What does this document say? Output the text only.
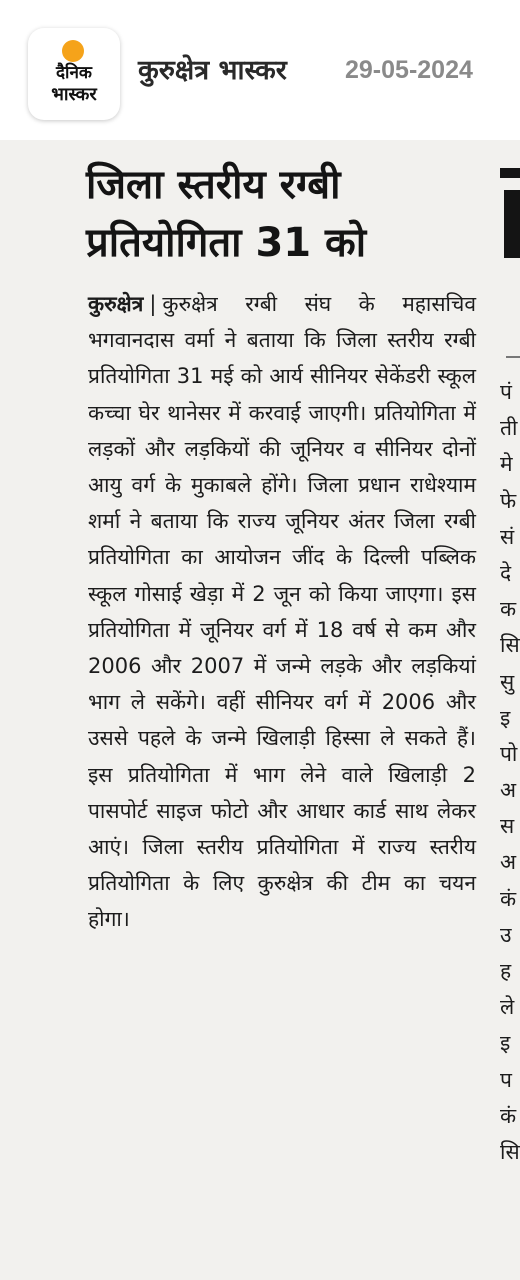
दैनिक
भास्कर
कुरुक्षेत्र भास्कर 29-05-2024
जिला स्तरीय रग्बी प्रतियोगिता 31 को
कुरुक्षेत्र | कुरुक्षेत्र रग्बी संघ के महासचिव भगवानदास वर्मा ने बताया कि जिला स्तरीय रग्बी प्रतियोगिता 31 मई को आर्य सीनियर सेकेंडरी स्कूल कच्चा घेर थानेसर में करवाई जाएगी। प्रतियोगिता में लड़कों और लड़कियों की जूनियर व सीनियर दोनों आयु वर्ग के मुकाबले होंगे। जिला प्रधान राधेश्याम शर्मा ने बताया कि राज्य जूनियर अंतर जिला रग्बी प्रतियोगिता का आयोजन जींद के दिल्ली पब्लिक स्कूल गोसाई खेड़ा में 2 जून को किया जाएगा। इस प्रतियोगिता में जूनियर वर्ग में 18 वर्ष से कम और 2006 और 2007 में जन्मे लड़के और लड़कियां भाग ले सकेंगे। वहीं सीनियर वर्ग में 2006 और उससे पहले के जन्मे खिलाड़ी हिस्सा ले सकते हैं। इस प्रतियोगिता में भाग लेने वाले खिलाड़ी 2 पासपोर्ट साइज फोटो और आधार कार्ड साथ लेकर आएं। जिला स्तरीय प्रतियोगिता में राज्य स्तरीय प्रतियोगिता के लिए कुरुक्षेत्र की टीम का चयन होगा।
पं
ती
मे
फे
सं
दे
क
सि
सु
इ
पो
अ
स
अ
कं
उ
ह
ले
इ
प
कं
सि
